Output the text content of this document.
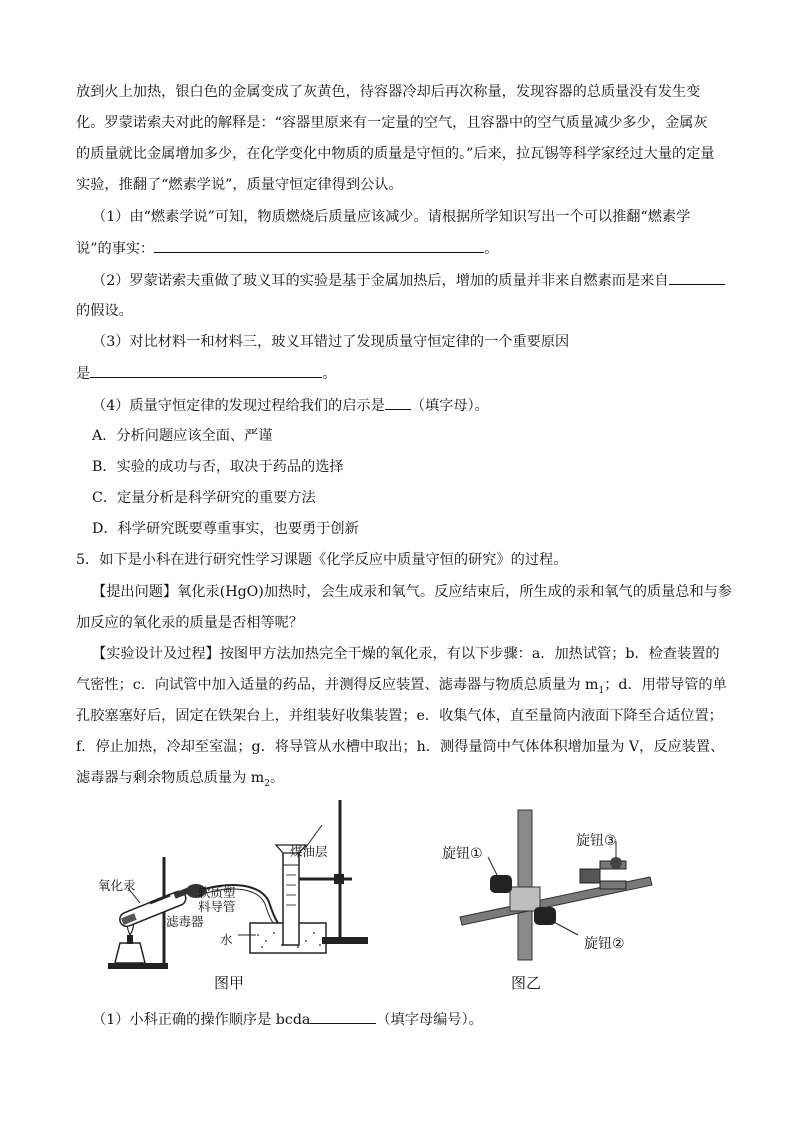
放到火上加热，银白色的金属变成了灰黄色，待容器冷却后再次称量，发现容器的总质量没有发生变
化。罗蒙诺索夫对此的解释是：“容器里原来有一定量的空气，且容器中的空气质量减少多少，金属灰
的质量就比金属增加多少，在化学变化中物质的质量是守恒的。”后来，拉瓦锡等科学家经过大量的定量
实验，推翻了“燃素学说”，质量守恒定律得到公认。
（1）由“燃素学说”可知，物质燃烧后质量应该减少。请根据所学知识写出一个可以推翻“燃素学
说”的事实：	。
（2）罗蒙诺索夫重做了玻义耳的实验是基于金属加热后，增加的质量并非来自燃素而是来自
的假设。
（3）对比材料一和材料三，玻义耳错过了发现质量守恒定律的一个重要原因
是	。
（4）质量守恒定律的发现过程给我们的启示是 （填字母）。
A．分析问题应该全面、严谨
B．实验的成功与否，取决于药品的选择
C．定量分析是科学研究的重要方法
D．科学研究既要尊重事实，也要勇于创新
5．如下是小科在进行研究性学习课题《化学反应中质量守恒的研究》的过程。
【提出问题】氧化汞(HgO)加热时，会生成汞和氧气。反应结束后，所生成的汞和氧气的质量总和与参
加反应的氧化汞的质量是否相等呢？
【实验设计及过程】按图甲方法加热完全干燥的氧化汞，有以下步骤：a．加热试管；b．检查装置的
气密性；c．向试管中加入适量的药品，并测得反应装置、滤毒器与物质总质量为 $m_1$；d．用带导管的单
孔胶塞塞好后，固定在铁架台上，并组装好收集装置；e．收集气体，直至量筒内液面下降至合适位置；
f．停止加热，冷却至室温；g．将导管从水槽中取出；h．测得量筒中气体体积增加量为 V，反应装置、
滤毒器与剩余物质总质量为 $m_2$。
氧化汞
滤毒器
软质塑
料导管
煤油层
水
图甲
旋钮①
旋钮③
旋钮②
图乙
（1）小科正确的操作顺序是 bcda	（填字母编号）。
